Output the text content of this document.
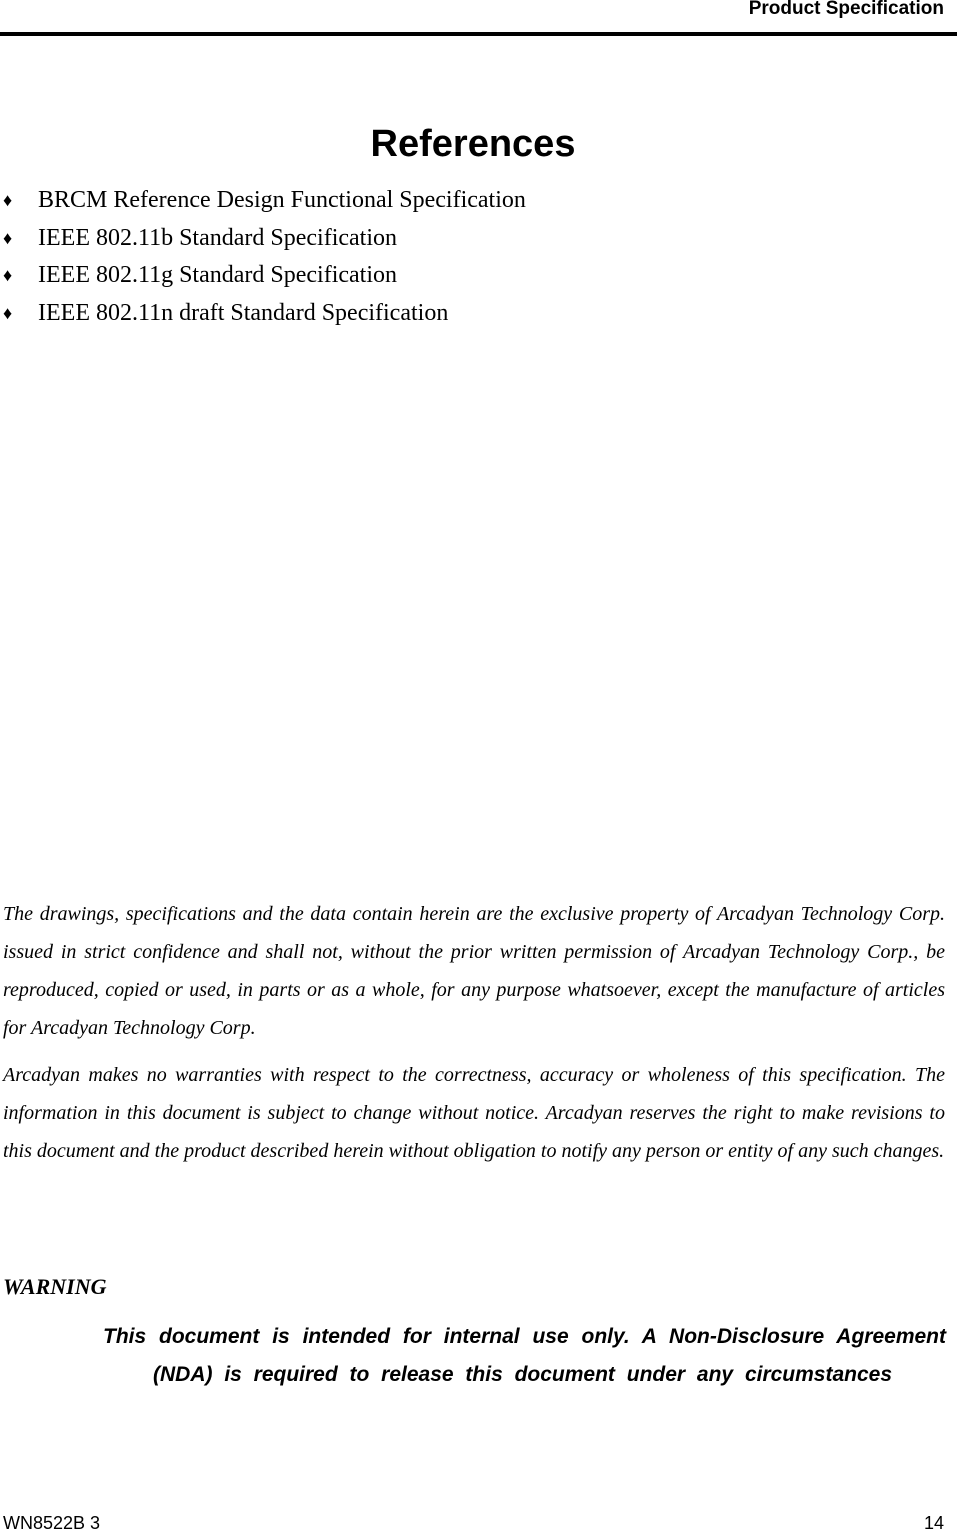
Product Specification
References
♦ BRCM Reference Design Functional Specification
♦ IEEE 802.11b Standard Specification
♦ IEEE 802.11g Standard Specification
♦ IEEE 802.11n draft Standard Specification

The drawings, specifications and the data contain herein are the exclusive property of Arcadyan Technology Corp. issued in strict confidence and shall not, without the prior written permission of Arcadyan Technology Corp., be reproduced, copied or used, in parts or as a whole, for any purpose whatsoever, except the manufacture of articles for Arcadyan Technology Corp.

Arcadyan makes no warranties with respect to the correctness, accuracy or wholeness of this specification. The information in this document is subject to change without notice. Arcadyan reserves the right to make revisions to this document and the product described herein without obligation to notify any person or entity of any such changes.

WARNING

This document is intended for internal use only. A Non-Disclosure Agreement (NDA) is required to release this document under any circumstances

WN8522B 3	14
